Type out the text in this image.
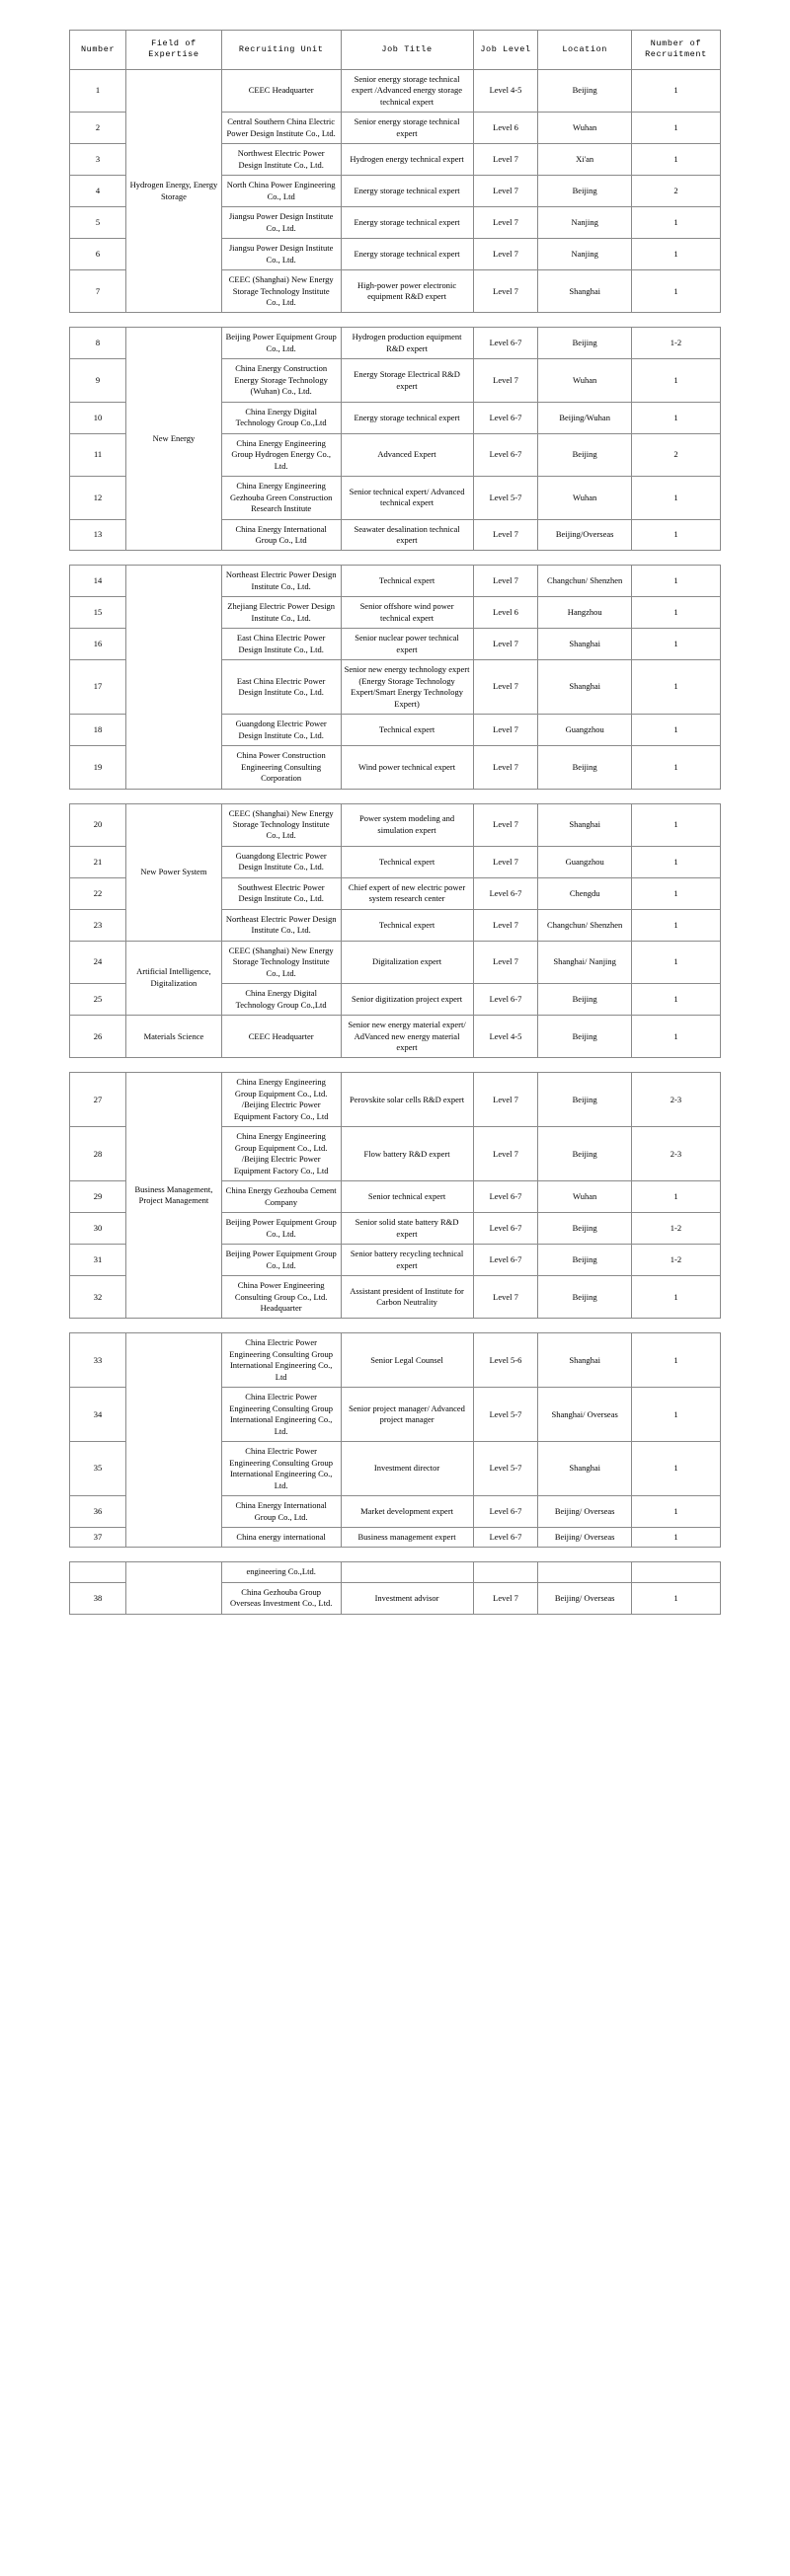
Number	Field of Expertise	Recruiting Unit	Job Title	Job Level	Location	Number of Recruitment
1	Hydrogen Energy, Energy Storage	CEEC Headquarter	Senior energy storage technical expert /Advanced energy storage technical expert	Level 4-5	Beijing	1
2		Central Southern China Electric Power Design Institute Co., Ltd.	Senior energy storage technical expert	Level 6	Wuhan	1
3		Northwest Electric Power Design Institute Co., Ltd.	Hydrogen energy technical expert	Level 7	Xi'an	1
4		North China Power Engineering Co., Ltd	Energy storage technical expert	Level 7	Beijing	2
5		Jiangsu Power Design Institute Co., Ltd.	Energy storage technical expert	Level 7	Nanjing	1
6		Jiangsu Power Design Institute Co., Ltd.	Energy storage technical expert	Level 7	Nanjing	1
7		CEEC (Shanghai) New Energy Storage Technology Institute Co., Ltd.	High-power power electronic equipment R&D expert	Level 7	Shanghai	1
8	New Energy	Beijing Power Equipment Group Co., Ltd.	Hydrogen production equipment R&D expert	Level 6-7	Beijing	1-2
9		China Energy Construction Energy Storage Technology (Wuhan) Co., Ltd.	Energy Storage Electrical R&D expert	Level 7	Wuhan	1
10		China Energy Digital Technology Group Co.,Ltd	Energy storage technical expert	Level 6-7	Beijing/Wuhan	1
11		China Energy Engineering Group Hydrogen Energy Co., Ltd.	Advanced Expert	Level 6-7	Beijing	2
12		China Energy Engineering Gezhouba Green Construction Research Institute	Senior technical expert/ Advanced technical expert	Level 5-7	Wuhan	1
13		China Energy International Group Co., Ltd	Seawater desalination technical expert	Level 7	Beijing/Overseas	1
14		Northeast Electric Power Design Institute Co., Ltd.	Technical expert	Level 7	Changchun/ Shenzhen	1
15		Zhejiang Electric Power Design Institute Co., Ltd.	Senior offshore wind power technical expert	Level 6	Hangzhou	1
16		East China Electric Power Design Institute Co., Ltd.	Senior nuclear power technical expert	Level 7	Shanghai	1
17		East China Electric Power Design Institute Co., Ltd.	Senior new energy technology expert (Energy Storage Technology Expert/Smart Energy Technology Expert)	Level 7	Shanghai	1
18		Guangdong Electric Power Design Institute Co., Ltd.	Technical expert	Level 7	Guangzhou	1
19		China Power Construction Engineering Consulting Corporation	Wind power technical expert	Level 7	Beijing	1
20	New Power System	CEEC (Shanghai) New Energy Storage Technology Institute Co., Ltd.	Power system modeling and simulation expert	Level 7	Shanghai	1
21		Guangdong Electric Power Design Institute Co., Ltd.	Technical expert	Level 7	Guangzhou	1
22		Southwest Electric Power Design Institute Co., Ltd.	Chief expert of new electric power system research center	Level 6-7	Chengdu	1
23		Northeast Electric Power Design Institute Co., Ltd.	Technical expert	Level 7	Changchun/ Shenzhen	1
24	Artificial Intelligence, Digitalization	CEEC (Shanghai) New Energy Storage Technology Institute Co., Ltd.	Digitalization expert	Level 7	Shanghai/ Nanjing	1
25		China Energy Digital Technology Group Co.,Ltd	Senior digitization project expert	Level 6-7	Beijing	1
26	Materials Science	CEEC Headquarter	Senior new energy material expert/ AdVanced new energy material expert	Level 4-5	Beijing	1
27	Business Management, Project Management	China Energy Engineering Group Equipment Co., Ltd. /Beijing Electric Power Equipment Factory Co., Ltd	Perovskite solar cells R&D expert	Level 7	Beijing	2-3
28		China Energy Engineering Group Equipment Co., Ltd. /Beijing Electric Power Equipment Factory Co., Ltd	Flow battery R&D expert	Level 7	Beijing	2-3
29		China Energy Gezhouba Cement Company	Senior technical expert	Level 6-7	Wuhan	1
30		Beijing Power Equipment Group Co., Ltd.	Senior solid state battery R&D expert	Level 6-7	Beijing	1-2
31		Beijing Power Equipment Group Co., Ltd.	Senior battery recycling technical expert	Level 6-7	Beijing	1-2
32		China Power Engineering Consulting Group Co., Ltd. Headquarter	Assistant president of Institute for Carbon Neutrality	Level 7	Beijing	1
33		China Electric Power Engineering Consulting Group International Engineering Co., Ltd	Senior Legal Counsel	Level 5-6	Shanghai	1
34		China Electric Power Engineering Consulting Group International Engineering Co., Ltd.	Senior project manager/ Advanced project manager	Level 5-7	Shanghai/ Overseas	1
35		China Electric Power Engineering Consulting Group International Engineering Co., Ltd.	Investment director	Level 5-7	Shanghai	1
36		China Energy International Group Co., Ltd.	Market development expert	Level 6-7	Beijing/ Overseas	1
37		China energy international	Business management expert	Level 6-7	Beijing/ Overseas	1
		engineering Co.,Ltd.				
38		China Gezhouba Group Overseas Investment Co., Ltd.	Investment advisor	Level 7	Beijing/ Overseas	1
